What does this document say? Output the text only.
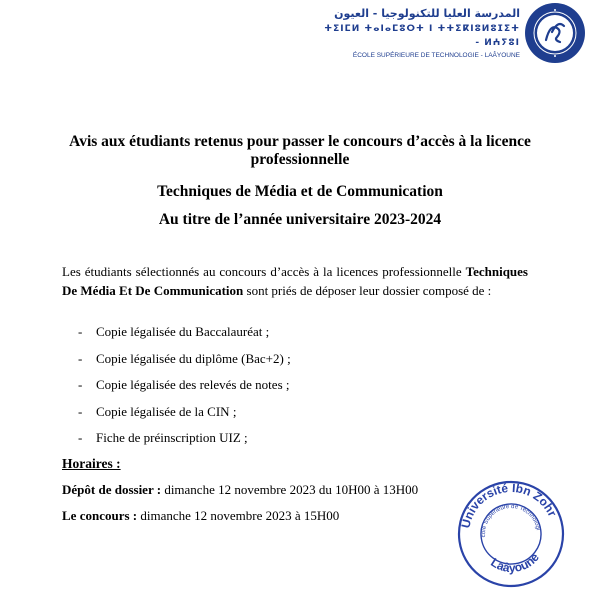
المدرسة العليا للتكنولوجيا - العيون
ⵜⵉⵏⵎⵍ ⵜⴰⵏⴰⵎⵓⵔⵜ ⵏ ⵜⵜⵉⴽⵏⵓⵍⵓⵊⵉⵜ - ⵍⵄⵢⵓⵏ
ÉCOLE SUPÉRIEURE DE TECHNOLOGIE - LAÂYOUNE
Avis aux étudiants retenus pour passer le concours d’accès à la licence professionnelle
Techniques de Média et de Communication
Au titre de l’année universitaire 2023-2024
Les étudiants sélectionnés au concours d’accès à la licences professionnelle Techniques De Média Et De Communication sont priés de déposer leur dossier composé de :
- Copie légalisée du Baccalauréat ;
- Copie légalisée du diplôme (Bac+2) ;
- Copie légalisée des relevés de notes ;
- Copie légalisée de la CIN ;
- Fiche de préinscription UIZ ;
Horaires :
Dépôt de dossier : dimanche 12 novembre 2023 du 10H00 à 13H00
Le concours : dimanche 12 novembre 2023 à 15H00
Université Ibn Zohr
École Supérieure de Technologie
Laâyoune
